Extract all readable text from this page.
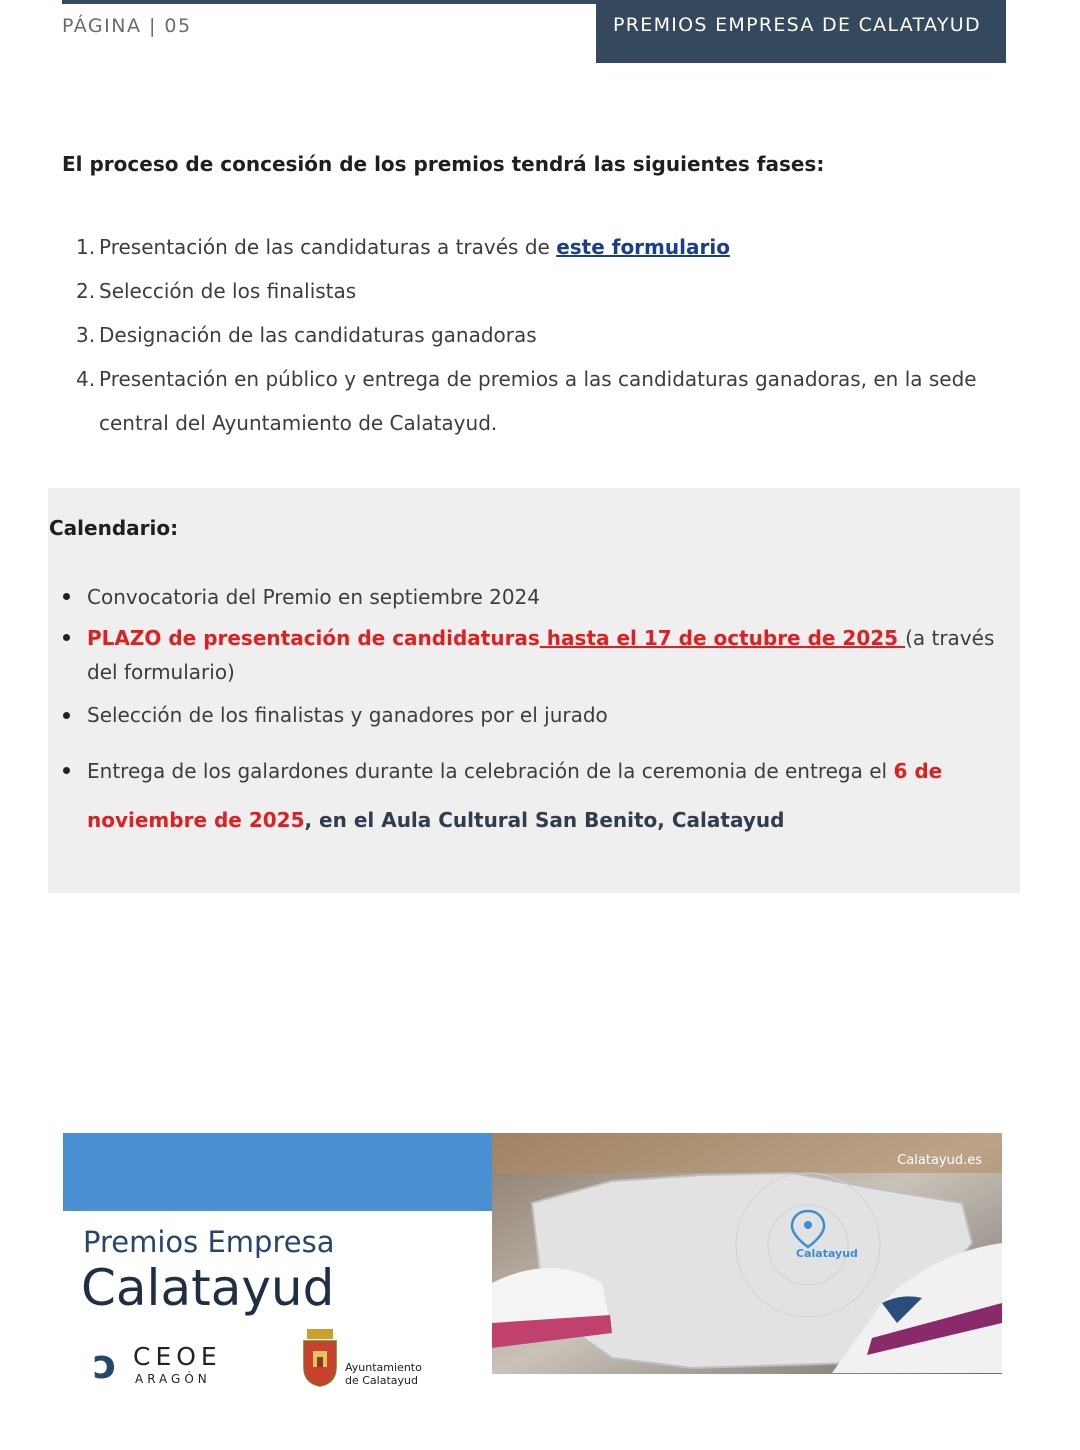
PÁGINA | 05	PREMIOS EMPRESA DE CALATAYUD
El proceso de concesión de los premios tendrá las siguientes fases:
1. Presentación de las candidaturas a través de este formulario
2. Selección de los finalistas
3. Designación de las candidaturas ganadoras
4. Presentación en público y entrega de premios a las candidaturas ganadoras, en la sede central del Ayuntamiento de Calatayud.
Calendario:
Convocatoria del Premio en septiembre 2024
PLAZO de presentación de candidaturas hasta el 17 de octubre de 2025 (a través del formulario)
Selección de los finalistas y ganadores por el jurado
Entrega de los galardones durante la celebración de la ceremonia de entrega el 6 de noviembre de 2025, en el Aula Cultural San Benito, Calatayud
Premios Empresa
Calatayud
ɔ CEOE
ARAGÓN
Ayuntamiento
de Calatayud
Calatayud.es
Calatayud
